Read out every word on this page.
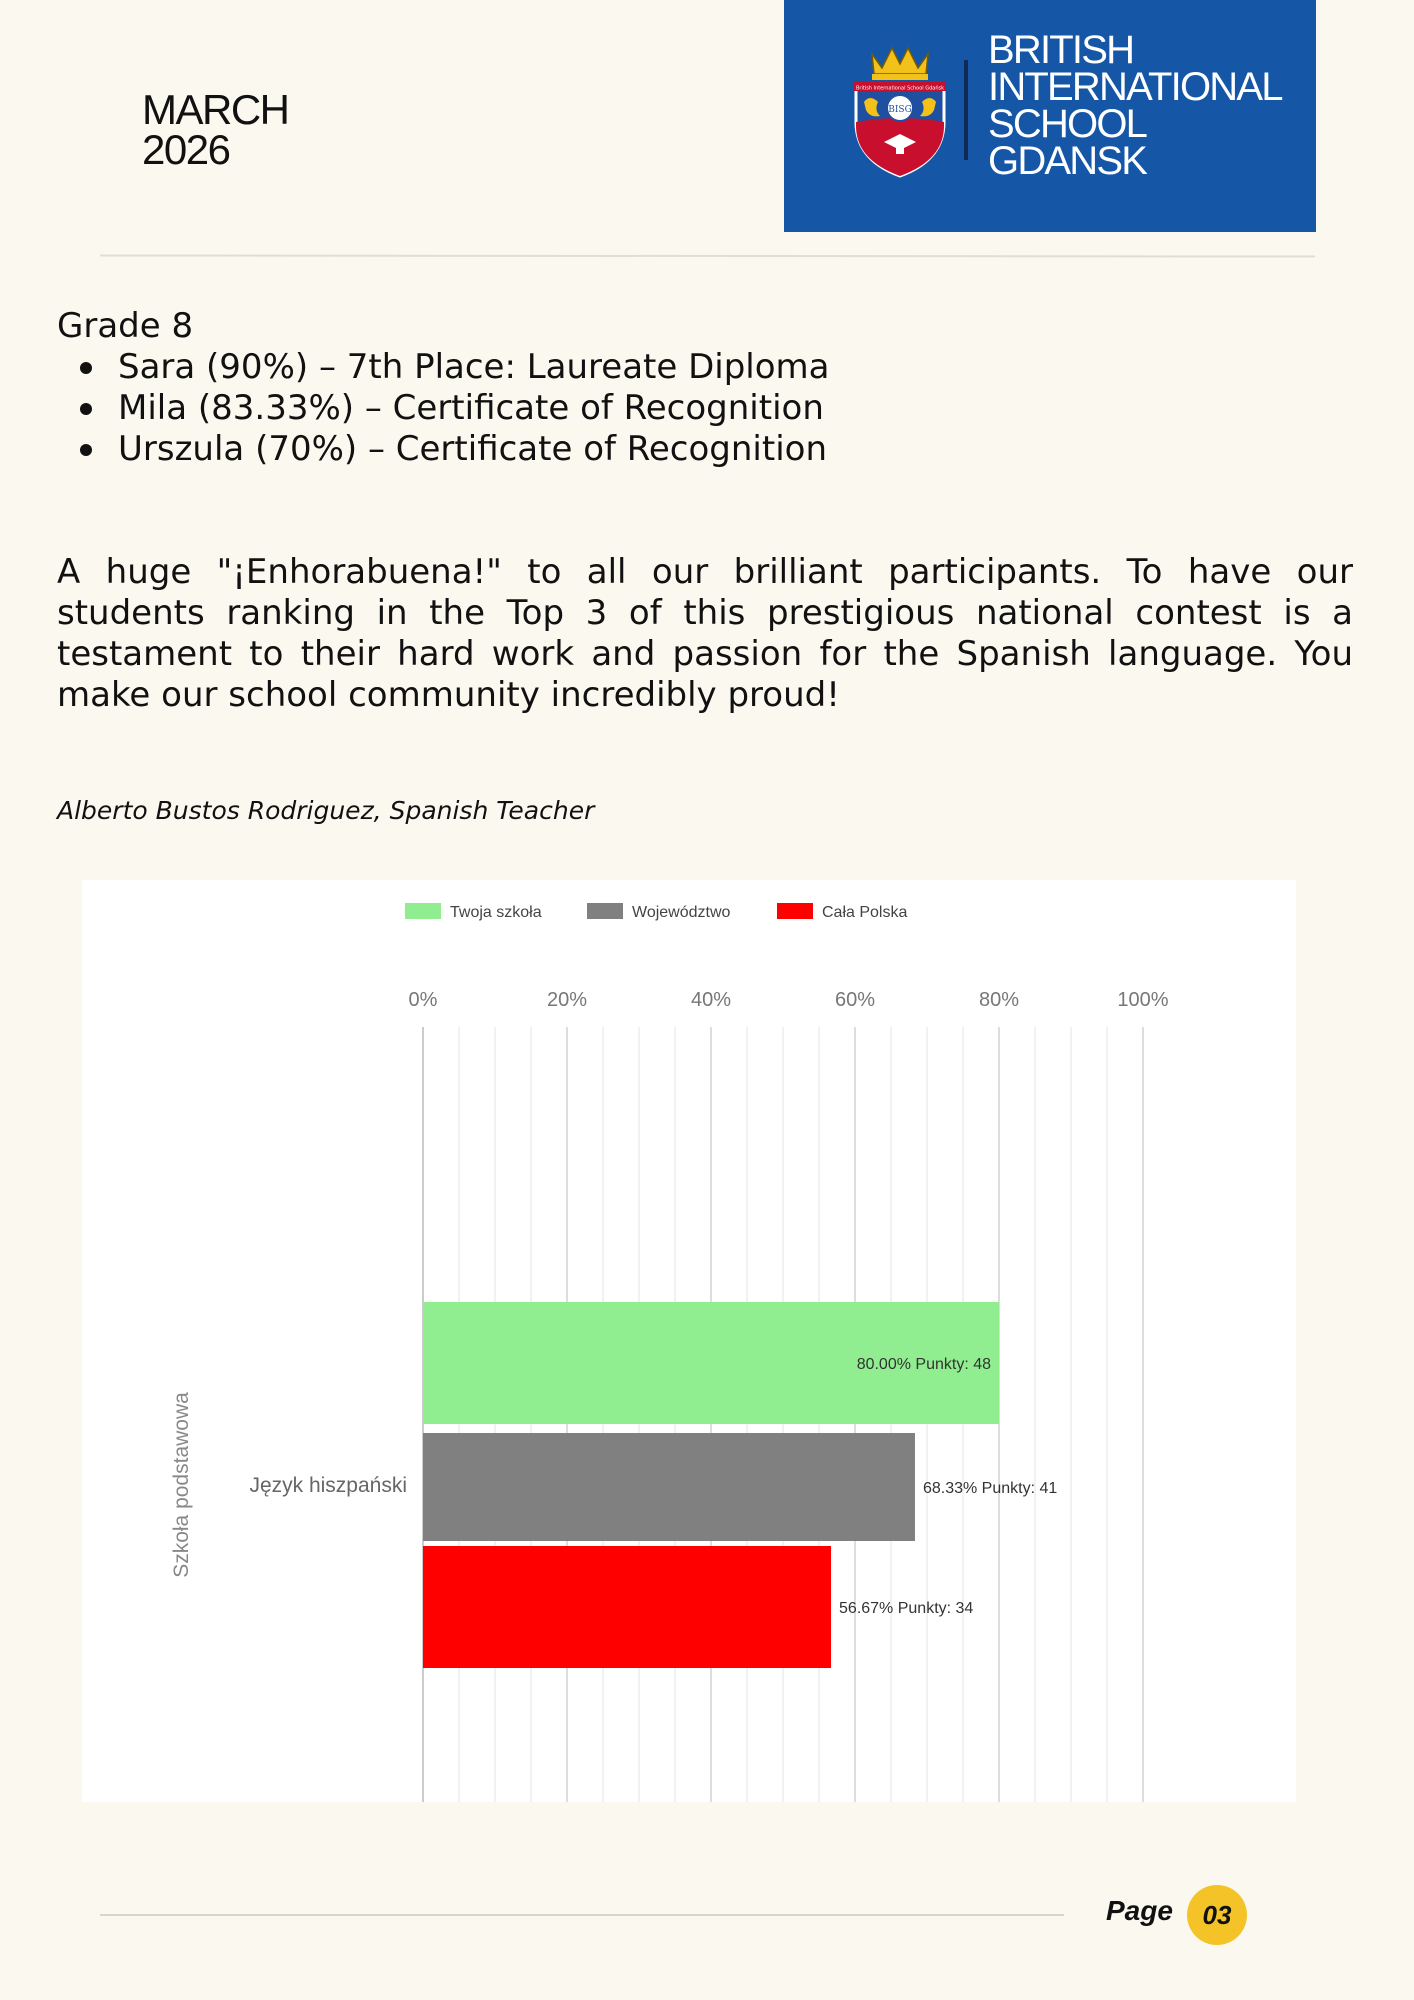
MARCH
2026
British International School Gdańsk
BISG
BRITISH
INTERNATIONAL
SCHOOL
GDANSK
Grade 8
Sara (90%) – 7th Place: Laureate Diploma
Mila (83.33%) – Certificate of Recognition
Urszula (70%) – Certificate of Recognition

A huge "¡Enhorabuena!" to all our brilliant participants. To have our students ranking in the Top 3 of this prestigious national contest is a testament to their hard work and passion for the Spanish language. You make our school community incredibly proud!

Alberto Bustos Rodriguez, Spanish Teacher
0%	20%	40%	60%	80%	100%
Twoja szkoła	Województwo	Cała Polska
80.00% Punkty: 48
68.33% Punkty: 41
56.67% Punkty: 34
Język hiszpański
Szkoła podstawowa
Page	03
